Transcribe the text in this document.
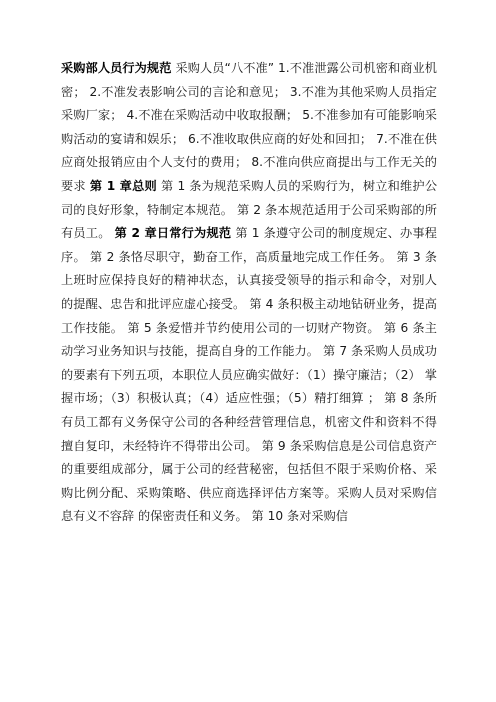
采购部人员行为规范 采购人员“八不准” 1.不准泄露公司机密和商业机密； 2.不准发表影响公司的言论和意见； 3.不准为其他采购人员指定采购厂家； 4.不准在采购活动中收取报酬； 5.不准参加有可能影响采购活动的宴请和娱乐； 6.不准收取供应商的好处和回扣； 7.不准在供应商处报销应由个人支付的费用； 8.不准向供应商提出与工作无关的要求 第 1 章总则 第 1 条为规范采购人员的采购行为，树立和维护公司的良好形象，特制定本规范。 第 2 条本规范适用于公司采购部的所有员工。 第 2 章日常行为规范 第 1 条遵守公司的制度规定、办事程序。 第 2 条恪尽职守，勤奋工作，高质量地完成工作任务。 第 3 条上班时应保持良好的精神状态，认真接受领导的指示和命令，对别人的提醒、忠告和批评应虚心接受。 第 4 条积极主动地钻研业务，提高工作技能。 第 5 条爱惜并节约使用公司的一切财产物资。 第 6 条主动学习业务知识与技能，提高自身的工作能力。 第 7 条采购人员成功的要素有下列五项，本职位人员应确实做好：（1）操守廉洁；（2） 掌握市场；（3）积极认真；（4）适应性强；（5）精打细算 ； 第 8 条所有员工都有义务保守公司的各种经营管理信息，机密文件和资料不得擅自复印，未经特许不得带出公司。 第 9 条采购信息是公司信息资产的重要组成部分，属于公司的经营秘密，包括但不限于采购价格、采购比例分配、采购策略、供应商选择评估方案等。采购人员对采购信息有义不容辞 的保密责任和义务。 第 10 条对采购信
